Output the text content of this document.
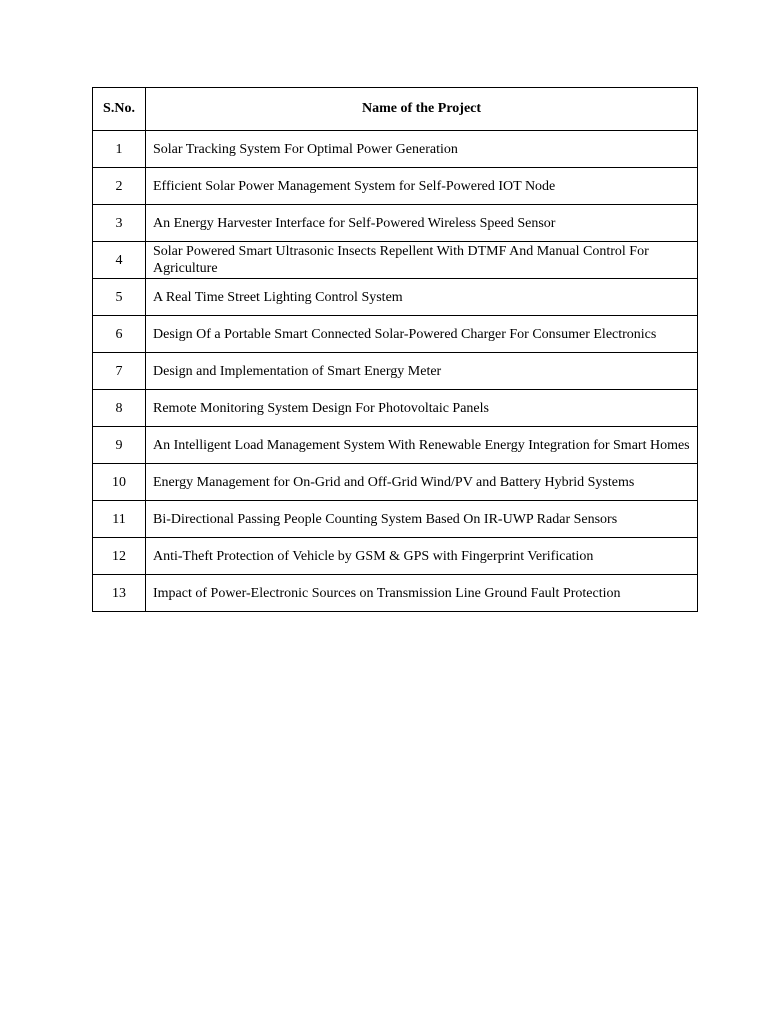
S.No.	Name of the Project
1	Solar Tracking System For Optimal Power Generation
2	Efficient Solar Power Management System for Self-Powered IOT Node
3	An Energy Harvester Interface for Self-Powered Wireless Speed Sensor
4	Solar Powered Smart Ultrasonic Insects Repellent With DTMF And Manual Control For Agriculture
5	A Real Time Street Lighting Control System
6	Design Of a Portable Smart Connected Solar-Powered Charger For Consumer Electronics
7	Design and Implementation of Smart Energy Meter
8	Remote Monitoring System Design For Photovoltaic Panels
9	An Intelligent Load Management System With Renewable Energy Integration for Smart Homes
10	Energy Management for On-Grid and Off-Grid Wind/PV and Battery Hybrid Systems
11	Bi-Directional Passing People Counting System Based On IR-UWP Radar Sensors
12	Anti-Theft Protection of Vehicle by GSM & GPS with Fingerprint Verification
13	Impact of Power-Electronic Sources on Transmission Line Ground Fault Protection
